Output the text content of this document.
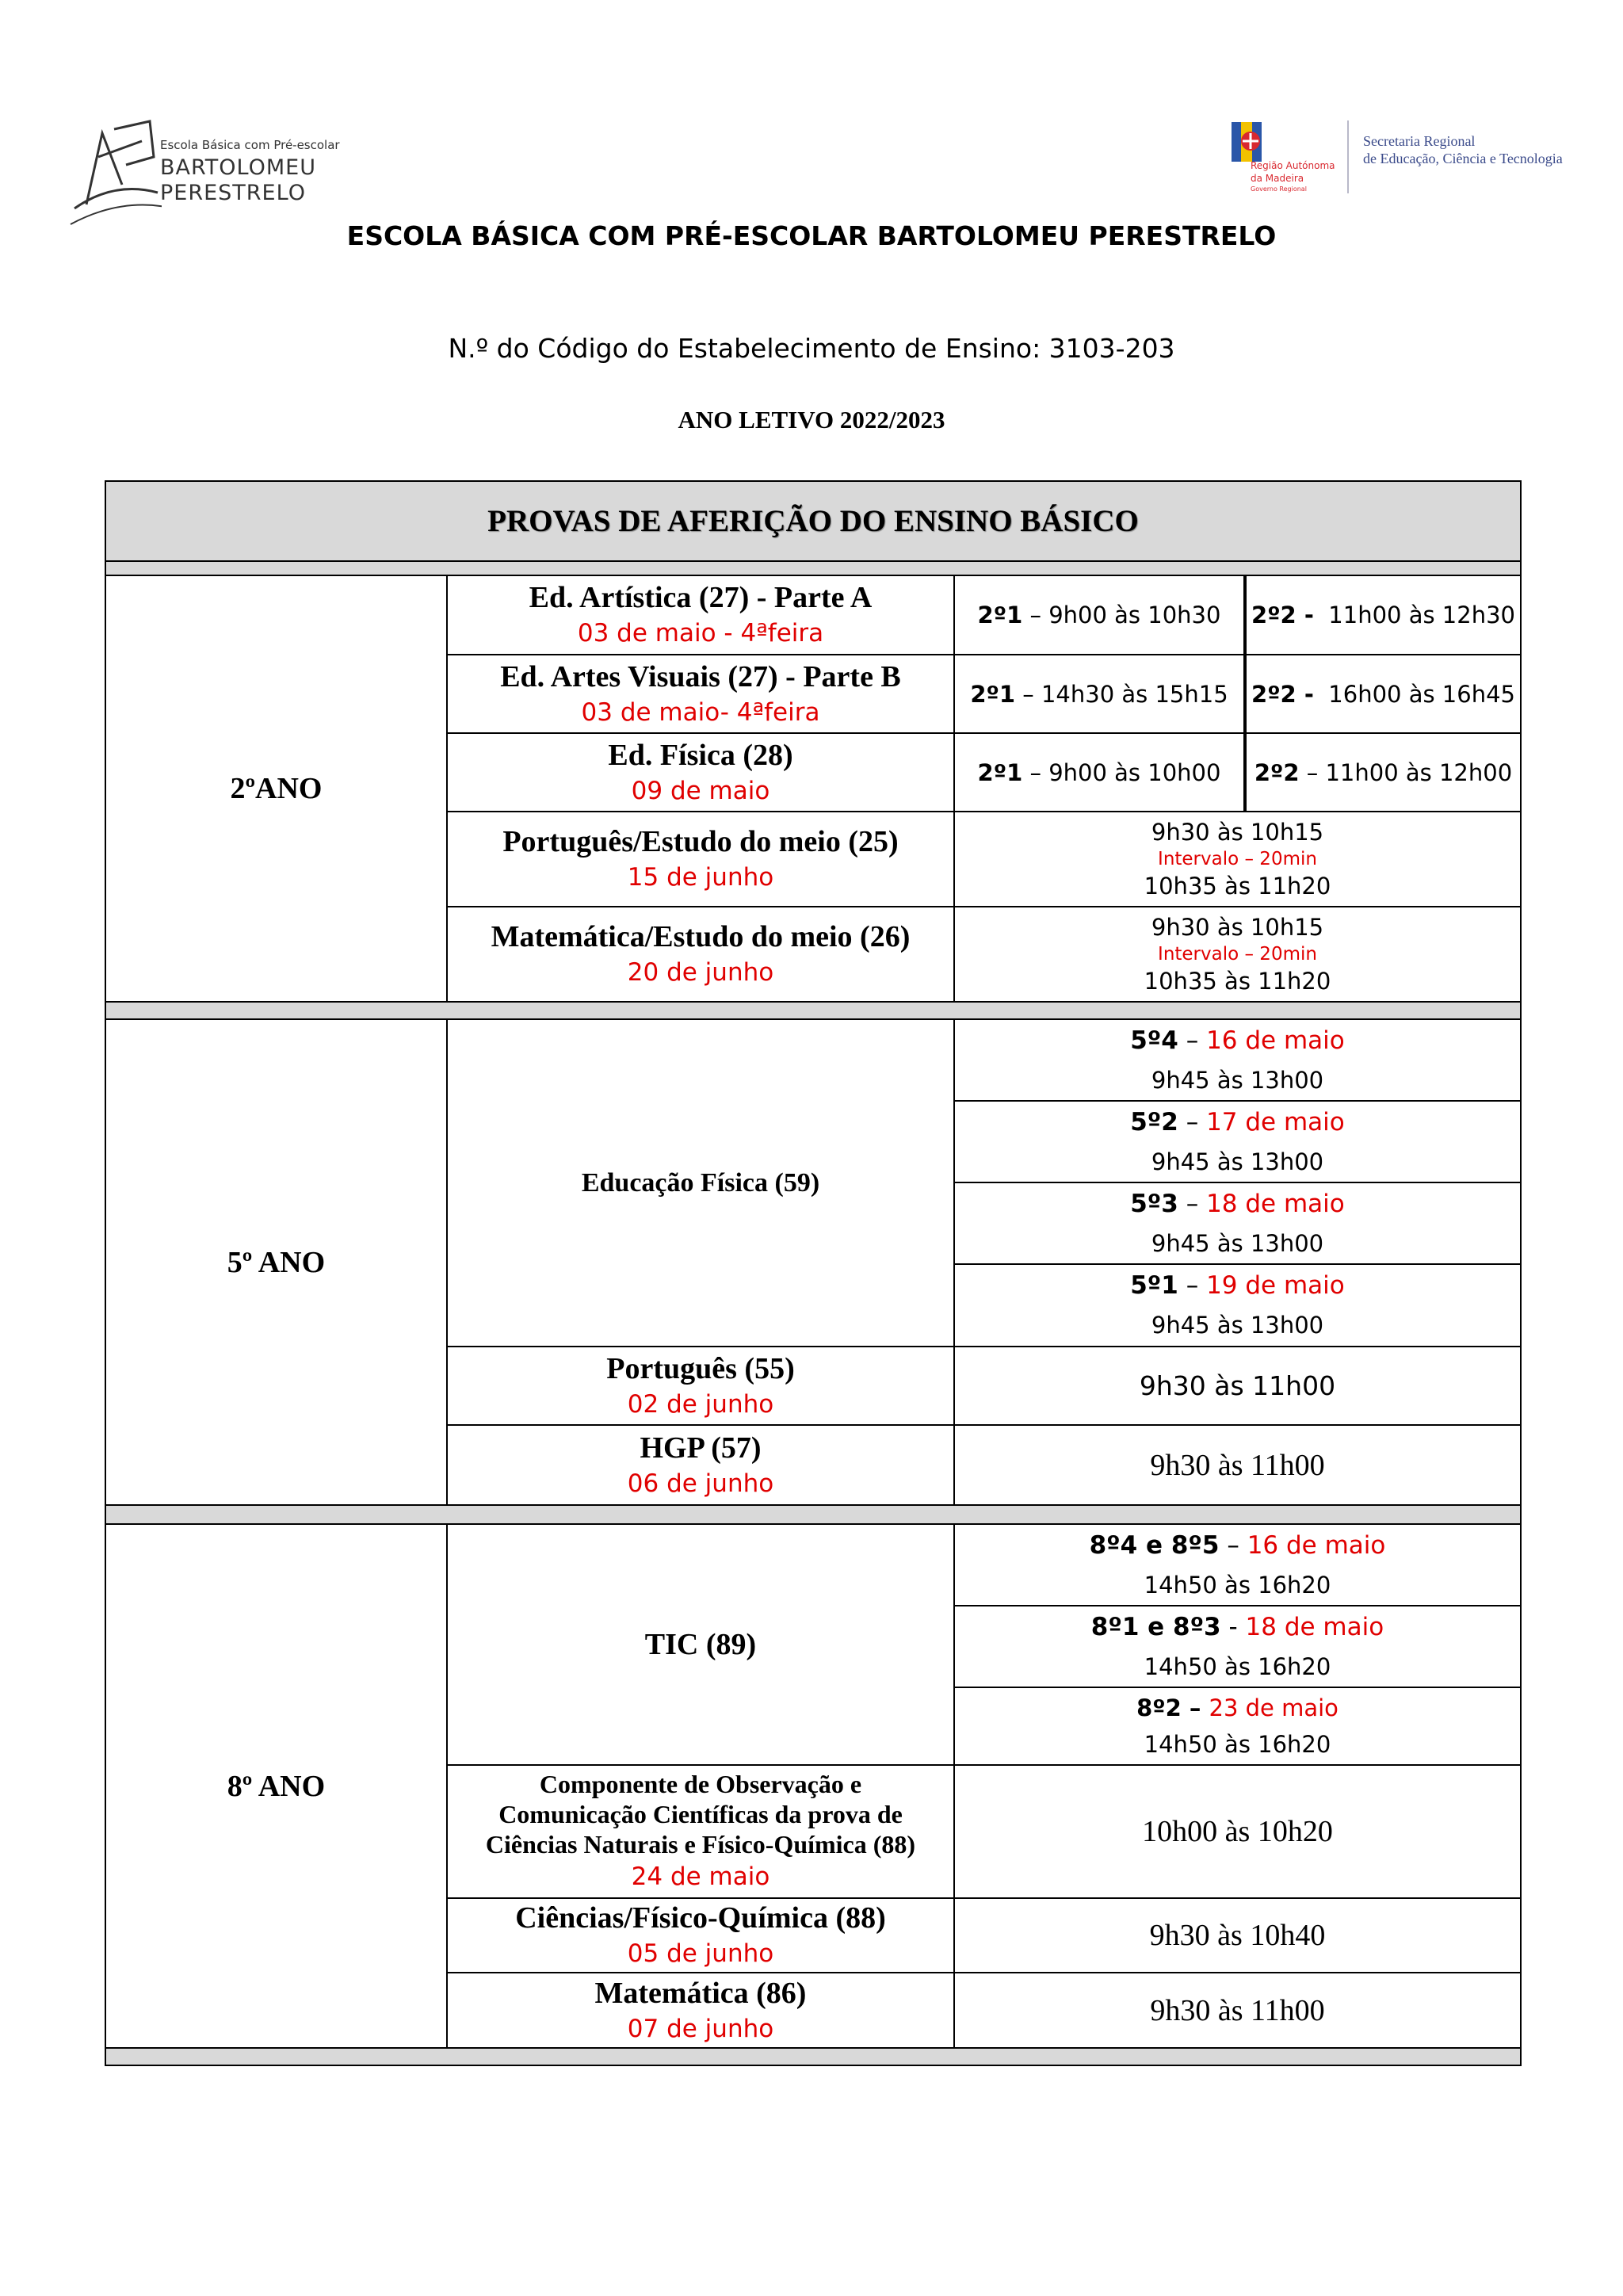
Escola Básica com Pré-escolar
BARTOLOMEU
PERESTRELO
Região Autónoma
da Madeira
Governo Regional
Secretaria Regional
de Educação, Ciência e Tecnologia
ESCOLA BÁSICA COM PRÉ-ESCOLAR BARTOLOMEU PERESTRELO
N.º do Código do Estabelecimento de Ensino: 3103-203
ANO LETIVO 2022/2023
PROVAS DE AFERIÇÃO DO ENSINO BÁSICO
2ºANO
Ed. Artística (27) - Parte A
03 de maio - 4ªfeira
2º1 – 9h00 às 10h30 2º2 -  11h00 às 12h30
Ed. Artes Visuais (27) - Parte B
03 de maio- 4ªfeira
2º1 – 14h30 às 15h15 2º2 -  16h00 às 16h45
Ed. Física (28)
09 de maio
2º1 – 9h00 às 10h00 2º2 – 11h00 às 12h00
Português/Estudo do meio (25)
15 de junho
9h30 às 10h15
Intervalo – 20min
10h35 às 11h20
Matemática/Estudo do meio (26)
20 de junho
9h30 às 10h15
Intervalo – 20min
10h35 às 11h20
5º ANO
Educação Física (59)
5º4 – 16 de maio
9h45 às 13h00
5º2 – 17 de maio
9h45 às 13h00
5º3 – 18 de maio
9h45 às 13h00
5º1 – 19 de maio
9h45 às 13h00
Português (55)
02 de junho
9h30 às 11h00
HGP (57)
06 de junho
9h30 às 11h00
8º ANO
TIC (89)
8º4 e 8º5 – 16 de maio
14h50 às 16h20
8º1 e 8º3 - 18 de maio
14h50 às 16h20
8º2 – 23 de maio
14h50 às 16h20
Componente de Observação e
Comunicação Científicas da prova de
Ciências Naturais e Físico-Química (88)
24 de maio
10h00 às 10h20
Ciências/Físico-Química (88)
05 de junho
9h30 às 10h40
Matemática (86)
07 de junho
9h30 às 11h00
